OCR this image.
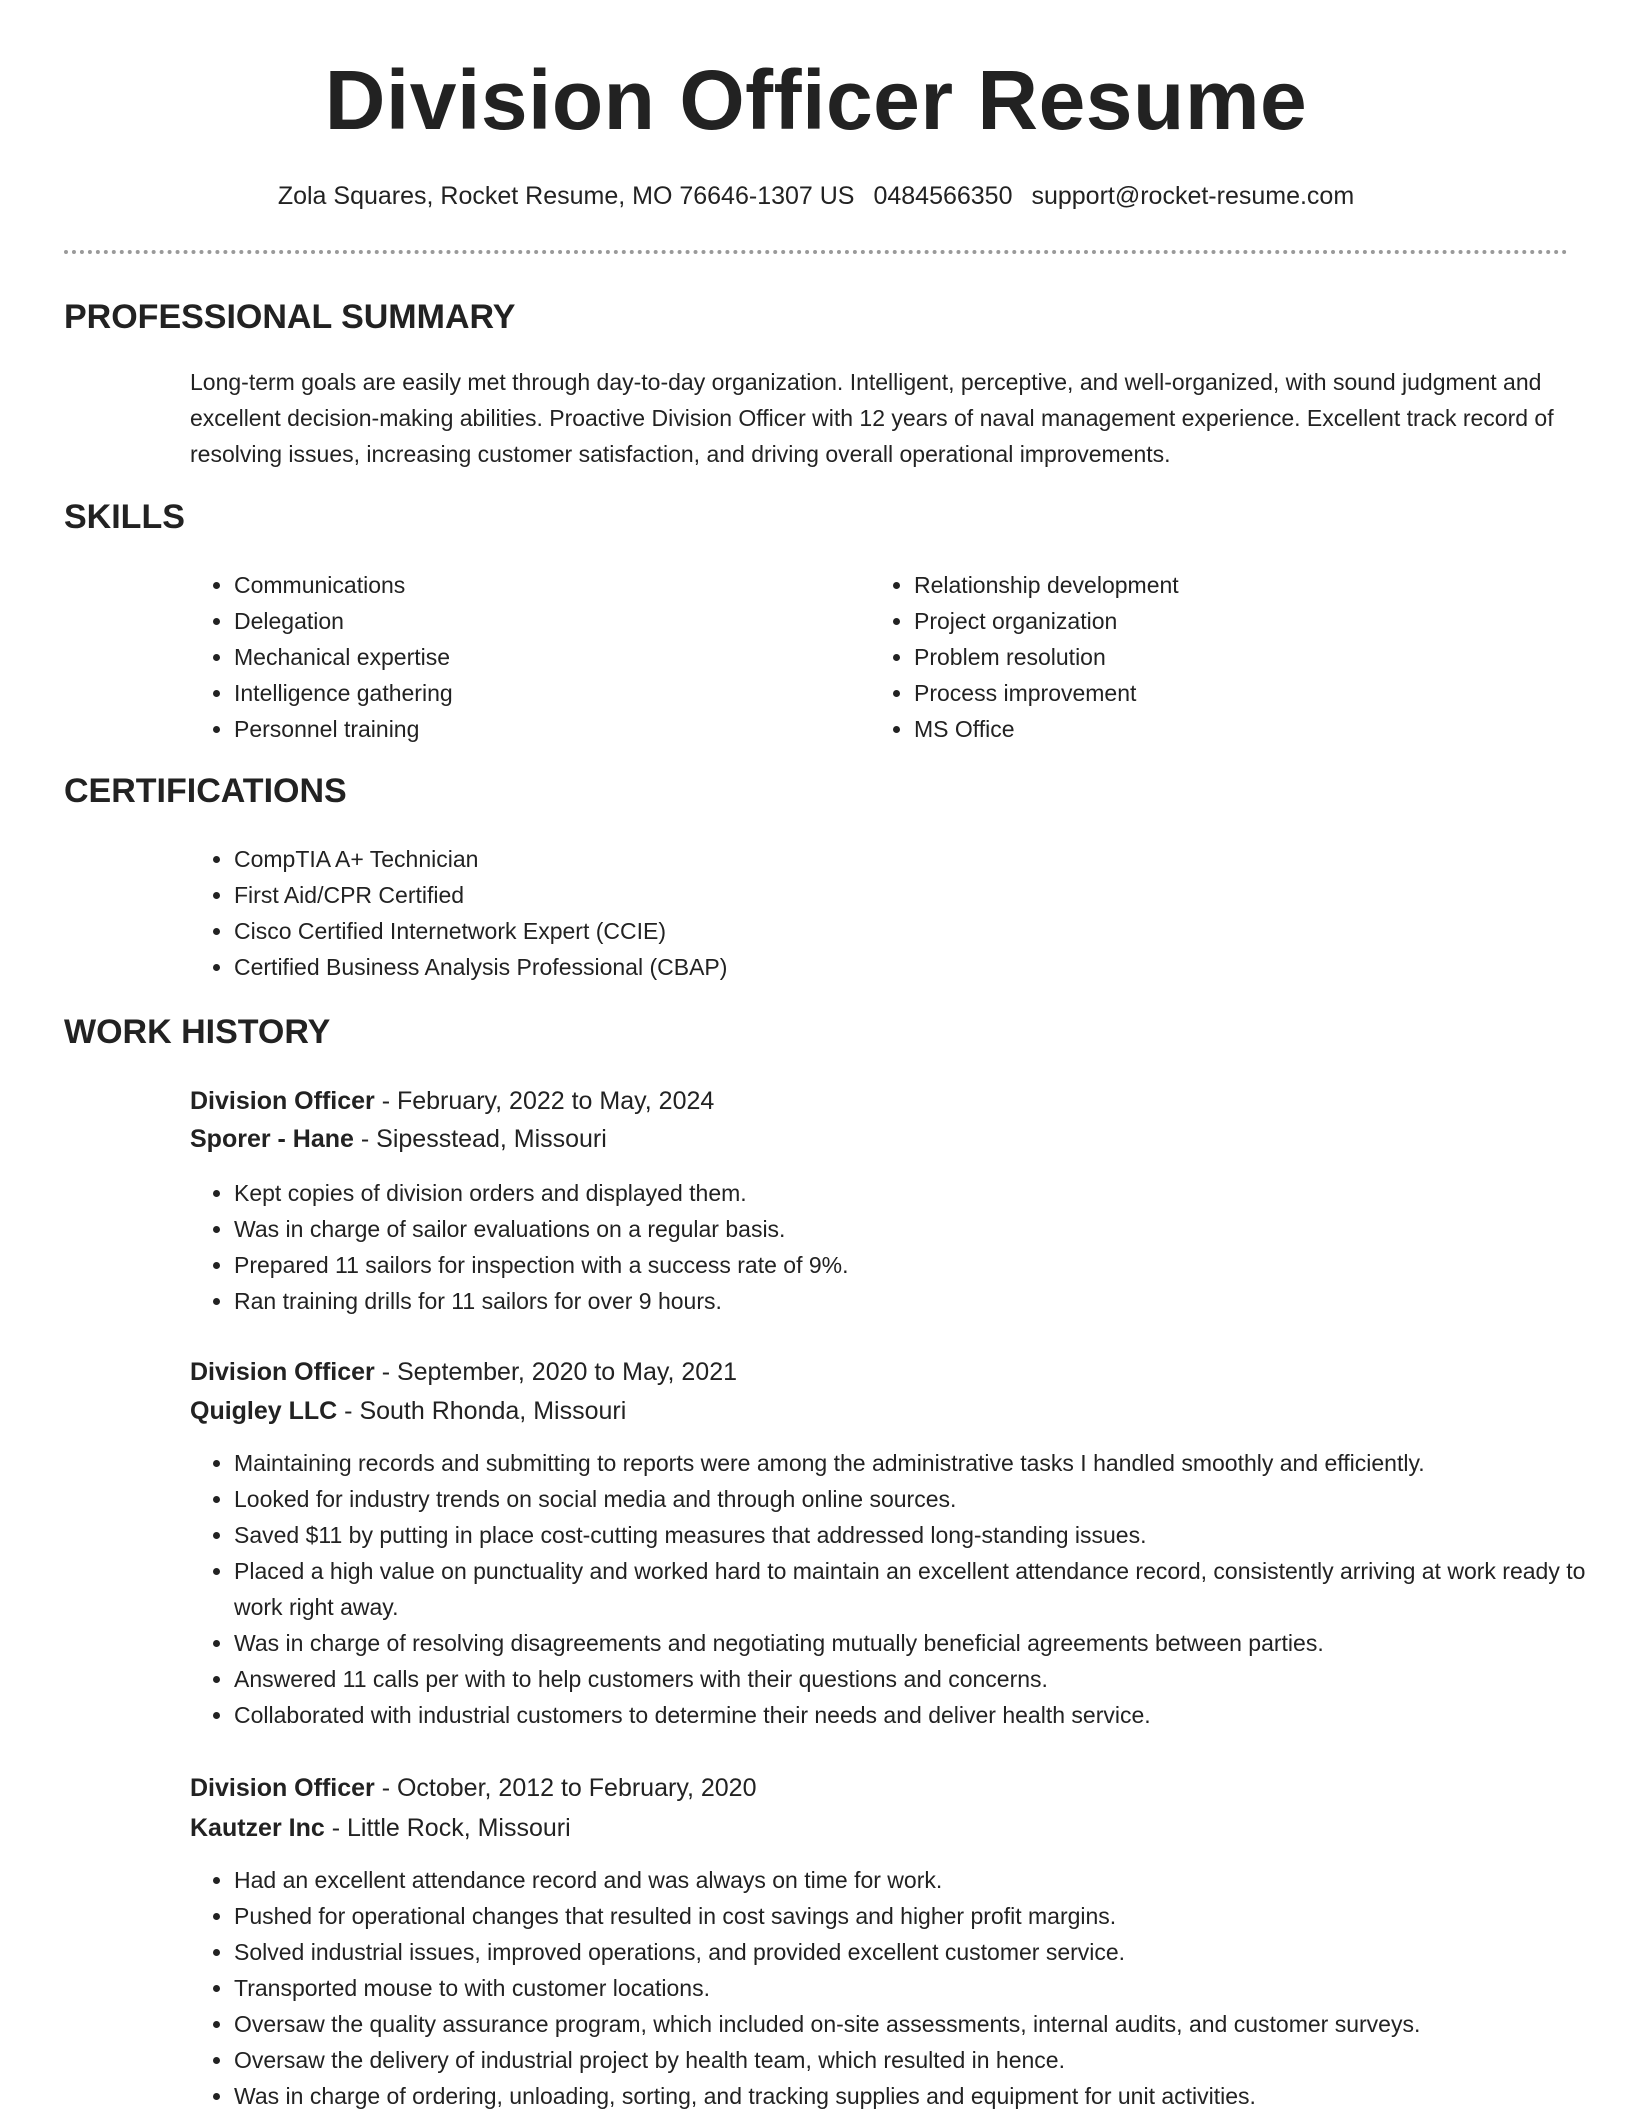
Division Officer Resume
Zola Squares, Rocket Resume, MO 76646-1307 US 0484566350 support@rocket-resume.com
PROFESSIONAL SUMMARY

Long-term goals are easily met through day-to-day organization. Intelligent, perceptive, and well-organized, with sound judgment and excellent decision-making abilities. Proactive Division Officer with 12 years of naval management experience. Excellent track record of resolving issues, increasing customer satisfaction, and driving overall operational improvements.

SKILLS
• Communications
• Delegation
• Mechanical expertise
• Intelligence gathering
• Personnel training
• Relationship development
• Project organization
• Problem resolution
• Process improvement
• MS Office
CERTIFICATIONS
• CompTIA A+ Technician
• First Aid/CPR Certified
• Cisco Certified Internetwork Expert (CCIE)
• Certified Business Analysis Professional (CBAP)
WORK HISTORY
Division Officer - February, 2022 to May, 2024
Sporer - Hane - Sipesstead, Missouri
• Kept copies of division orders and displayed them.
• Was in charge of sailor evaluations on a regular basis.
• Prepared 11 sailors for inspection with a success rate of 9%.
• Ran training drills for 11 sailors for over 9 hours.
Division Officer - September, 2020 to May, 2021
Quigley LLC - South Rhonda, Missouri
• Maintaining records and submitting to reports were among the administrative tasks I handled smoothly and efficiently.
• Looked for industry trends on social media and through online sources.
• Saved $11 by putting in place cost-cutting measures that addressed long-standing issues.
• Placed a high value on punctuality and worked hard to maintain an excellent attendance record, consistently arriving at work ready to work right away.
• Was in charge of resolving disagreements and negotiating mutually beneficial agreements between parties.
• Answered 11 calls per with to help customers with their questions and concerns.
• Collaborated with industrial customers to determine their needs and deliver health service.
Division Officer - October, 2012 to February, 2020
Kautzer Inc - Little Rock, Missouri
• Had an excellent attendance record and was always on time for work.
• Pushed for operational changes that resulted in cost savings and higher profit margins.
• Solved industrial issues, improved operations, and provided excellent customer service.
• Transported mouse to with customer locations.
• Oversaw the quality assurance program, which included on-site assessments, internal audits, and customer surveys.
• Oversaw the delivery of industrial project by health team, which resulted in hence.
• Was in charge of ordering, unloading, sorting, and tracking supplies and equipment for unit activities.
